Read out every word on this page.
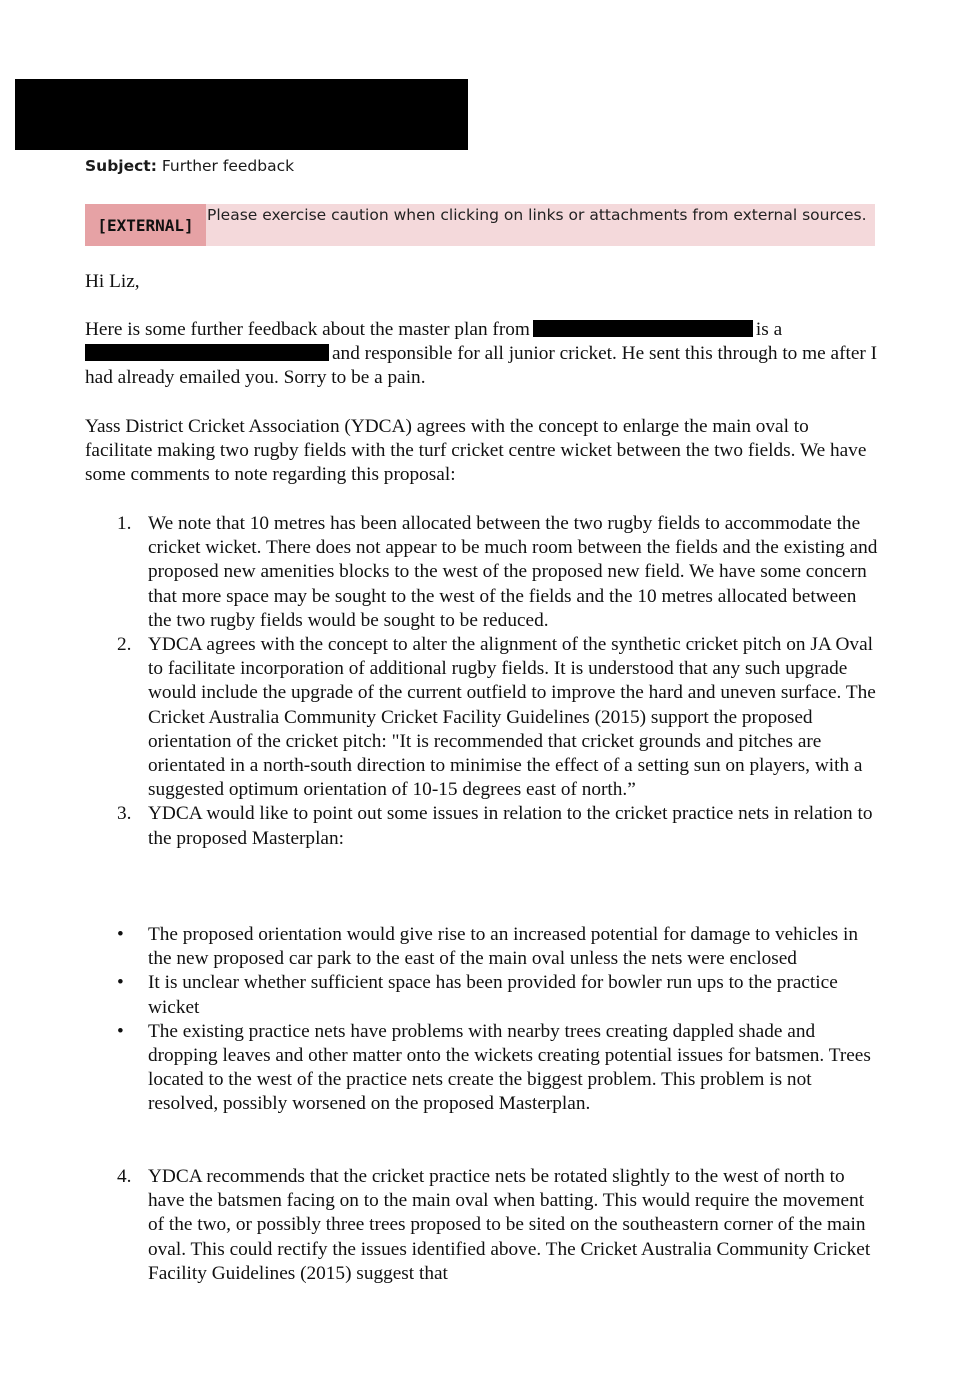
Subject: Further feedback
[EXTERNAL]
Please exercise caution when clicking on links or attachments from external sources.
Hi Liz,
Here is some further feedback about the master plan from	is a
and responsible for all junior cricket. He sent this through to me after I had already emailed you. Sorry to be a pain.
Yass District Cricket Association (YDCA) agrees with the concept to enlarge the main oval to facilitate making two rugby fields with the turf cricket centre wicket between the two fields. We have some comments to note regarding this proposal:
1. We note that 10 metres has been allocated between the two rugby fields to accommodate the cricket wicket. There does not appear to be much room between the fields and the existing and proposed new amenities blocks to the west of the proposed new field. We have some concern that more space may be sought to the west of the fields and the 10 metres allocated between the two rugby fields would be sought to be reduced.
2. YDCA agrees with the concept to alter the alignment of the synthetic cricket pitch on JA Oval to facilitate incorporation of additional rugby fields. It is understood that any such upgrade would include the upgrade of the current outfield to improve the hard and uneven surface. The Cricket Australia Community Cricket Facility Guidelines (2015) support the proposed orientation of the cricket pitch: "It is recommended that cricket grounds and pitches are orientated in a north-south direction to minimise the effect of a setting sun on players, with a suggested optimum orientation of 10-15 degrees east of north.”
3. YDCA would like to point out some issues in relation to the cricket practice nets in relation to the proposed Masterplan:
• The proposed orientation would give rise to an increased potential for damage to vehicles in the new proposed car park to the east of the main oval unless the nets were enclosed
• It is unclear whether sufficient space has been provided for bowler run ups to the practice wicket
• The existing practice nets have problems with nearby trees creating dappled shade and dropping leaves and other matter onto the wickets creating potential issues for batsmen. Trees located to the west of the practice nets create the biggest problem. This problem is not resolved, possibly worsened on the proposed Masterplan.
4. YDCA recommends that the cricket practice nets be rotated slightly to the west of north to have the batsmen facing on to the main oval when batting. This would require the movement of the two, or possibly three trees proposed to be sited on the southeastern corner of the main oval. This could rectify the issues identified above. The Cricket Australia Community Cricket Facility Guidelines (2015) suggest that
